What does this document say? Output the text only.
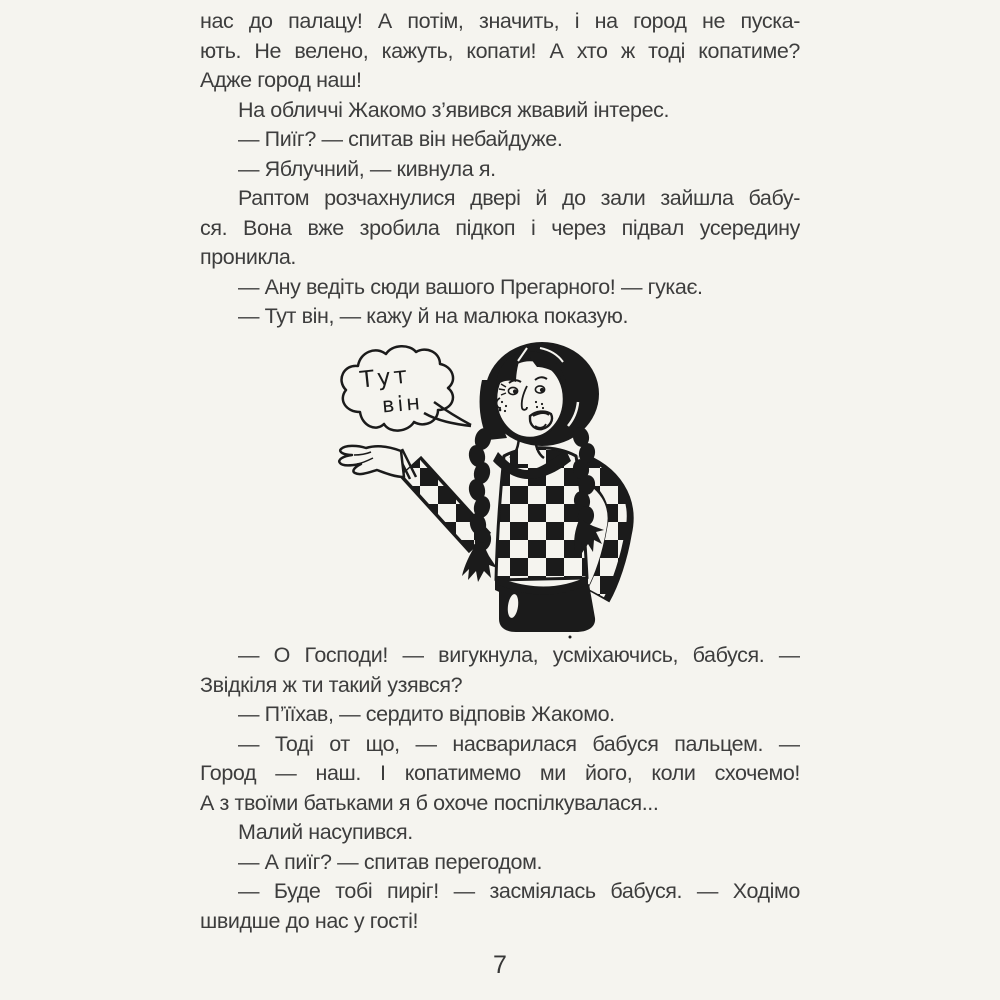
нас до палацу! А потім, значить, і на город не пуска-
ють. Не велено, кажуть, копати! А хто ж тоді копатиме?
Адже город наш!
На обличчі Жакомо з’явився жвавий інтерес.
— Пиїг? — спитав він небайдуже.
— Яблучний, — кивнула я.
Раптом розчахнулися двері й до зали зайшла бабу-
ся. Вона вже зробила підкоп і через підвал усередину
проникла.
— Ану ведіть сюди вашого Прегарного! — гукає.
— Тут він, — кажу й на малюка показую.
Тут
він
— О Господи! — вигукнула, усміхаючись, бабуся. —
Звідкіля ж ти такий узявся?
— П’їїхав, — сердито відповів Жакомо.
— Тоді от що, — насварилася бабуся пальцем. —
Город — наш. І копатимемо ми його, коли схочемо!
А з твоїми батьками я б охоче поспілкувалася...
Малий насупився.
— А пиїг? — спитав перегодом.
— Буде тобі пиріг! — засміялась бабуся. — Ходімо
швидше до нас у гості!
7
